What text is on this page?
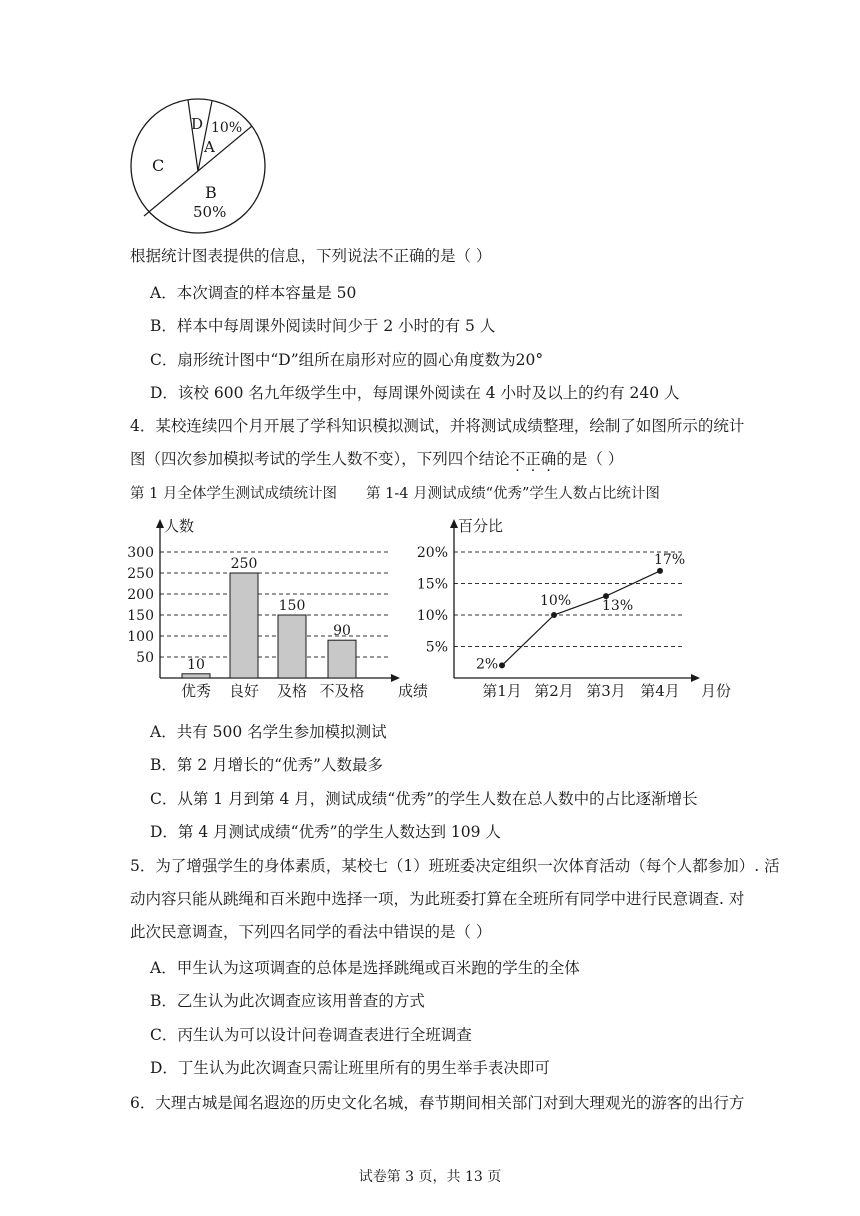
D 10%
A
C
B
50%
根据统计图表提供的信息，下列说法不正确的是（ ）
A．本次调查的样本容量是 50
B．样本中每周课外阅读时间少于 2 小时的有 5 人
C．扇形统计图中“D”组所在扇形对应的圆心角度数为20°
D．该校 600 名九年级学生中，每周课外阅读在 4 小时及以上的约有 240 人
4．某校连续四个月开展了学科知识模拟测试，并将测试成绩整理，绘制了如图所示的统计
图（四次参加模拟考试的学生人数不变），下列四个结论不正确的是（ ）
第 1 月全体学生测试成绩统计图 第 1-4 月测试成绩“优秀”学生人数占比统计图
50
100
150
200
250
300
人数
成绩
10
优秀
250
良好
150
及格
90
不及格
5%
10%
15%
20%
百分比
月份
2%
第1月
10%
第2月
13%
第3月
17%
第4月
A．共有 500 名学生参加模拟测试
B．第 2 月增长的“优秀”人数最多
C．从第 1 月到第 4 月，测试成绩“优秀”的学生人数在总人数中的占比逐渐增长
D．第 4 月测试成绩“优秀”的学生人数达到 109 人
5．为了增强学生的身体素质，某校七（1）班班委决定组织一次体育活动（每个人都参加）. 活
动内容只能从跳绳和百米跑中选择一项，为此班委打算在全班所有同学中进行民意调查. 对
此次民意调查，下列四名同学的看法中错误的是（ ）
A．甲生认为这项调查的总体是选择跳绳或百米跑的学生的全体
B．乙生认为此次调查应该用普查的方式
C．丙生认为可以设计问卷调查表进行全班调查
D．丁生认为此次调查只需让班里所有的男生举手表决即可
6．大理古城是闻名遐迩的历史文化名城，春节期间相关部门对到大理观光的游客的出行方
试卷第 3 页，共 13 页
